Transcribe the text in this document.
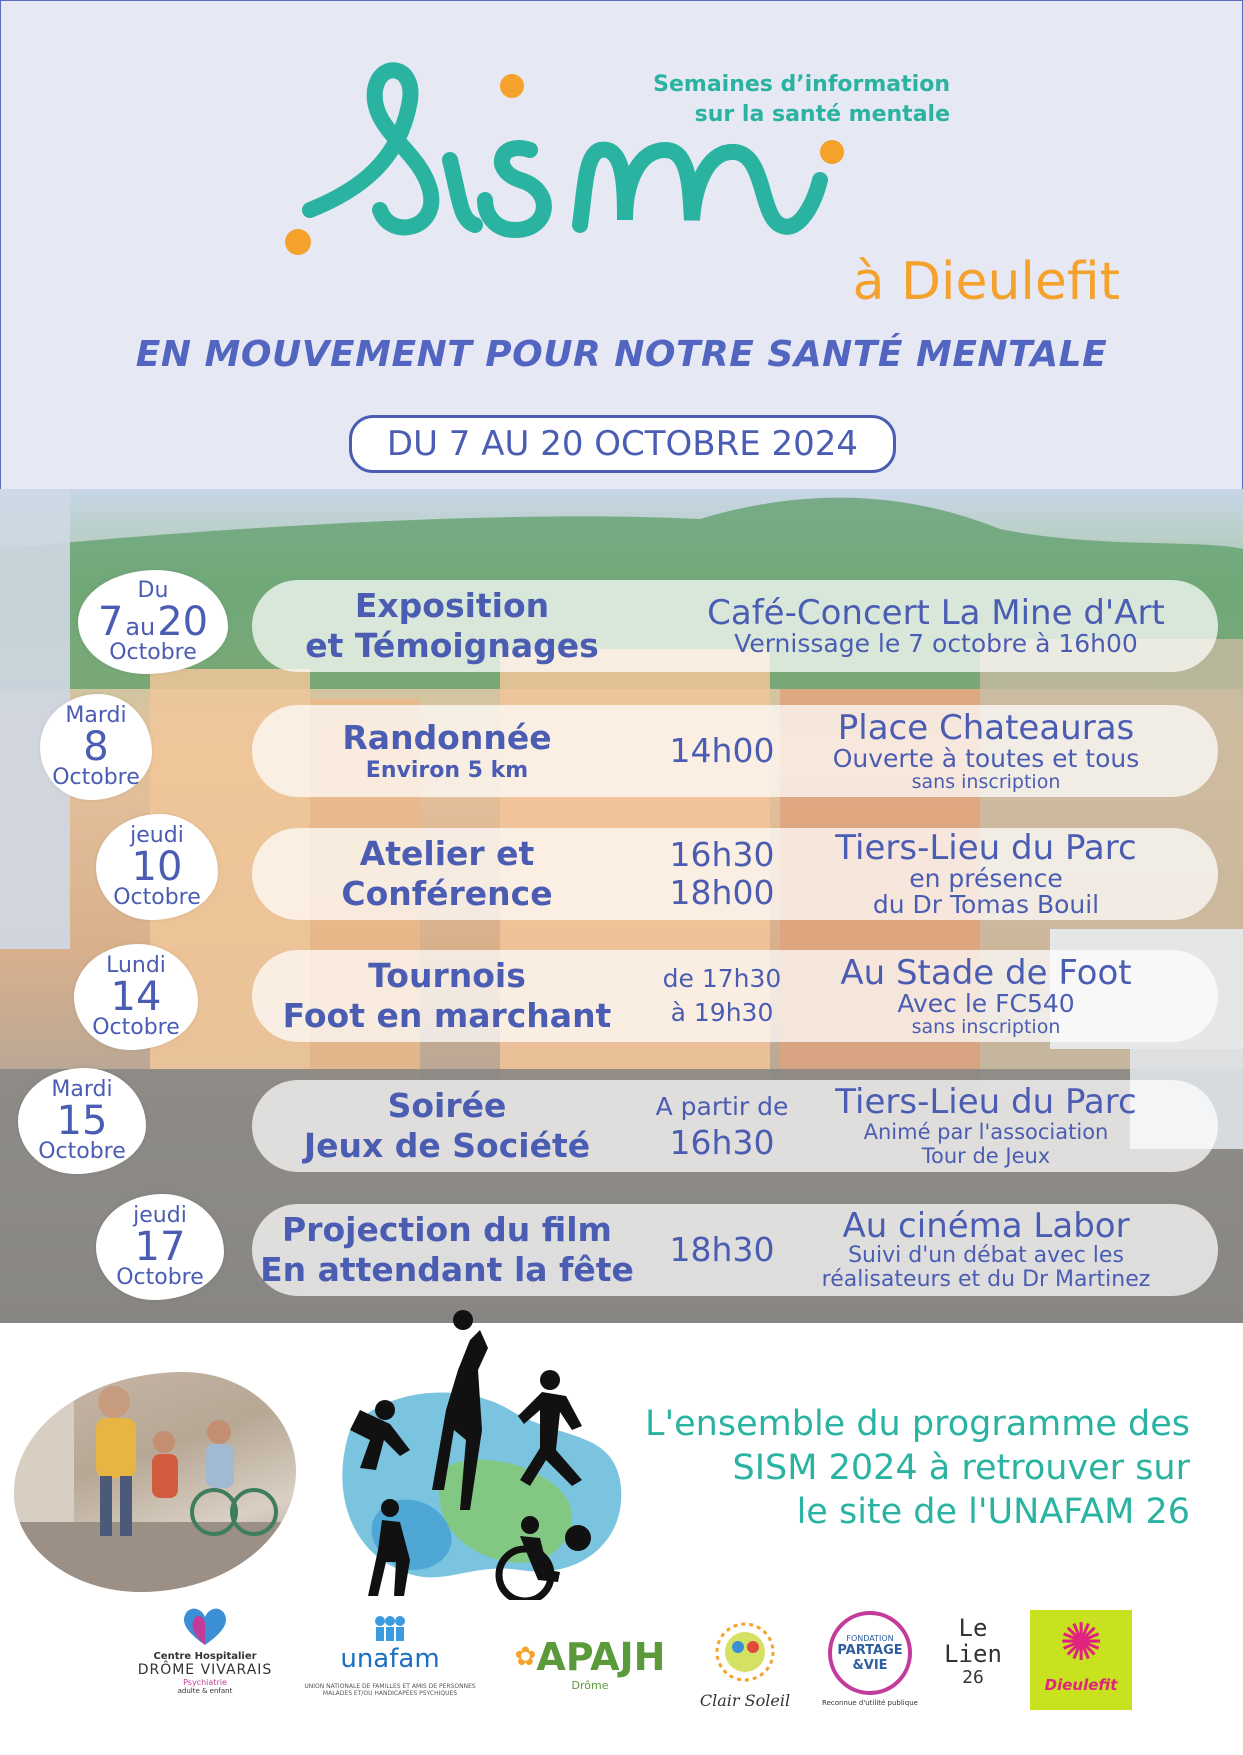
Semaines d’information
sur la santé mentale
à Dieulefit
EN MOUVEMENT POUR NOTRE SANTÉ MENTALE
DU 7 AU 20 OCTOBRE 2024
Du
7 au 20
Octobre
Exposition
et Témoignages
Café-Concert La Mine d'Art
Vernissage le 7 octobre à 16h00
Mardi
8
Octobre
Randonnée
Environ 5 km
14h00
Place Chateauras
Ouverte à toutes et tous
sans inscription
jeudi
10
Octobre
Atelier et
Conférence
16h30
18h00
Tiers-Lieu du Parc
en présence
du Dr Tomas Bouil
Lundi
14
Octobre
Tournois
Foot en marchant
de 17h30
à 19h30
Au Stade de Foot
Avec le FC540
sans inscription
Mardi
15
Octobre
Soirée
Jeux de Société
A partir de
16h30
Tiers-Lieu du Parc
Animé par l'association
Tour de Jeux
jeudi
17
Octobre
Projection du film
En attendant la fête
18h30
Au cinéma Labor
Suivi d'un débat avec les
réalisateurs et du Dr Martinez
L'ensemble du programme des
SISM 2024 à retrouver sur
le site de l'UNAFAM 26
Centre Hospitalier
DRÔME VIVARAIS
Psychiatrie
adulte & enfant
unafam
UNION NATIONALE DE FAMILLES ET AMIS DE PERSONNES
MALADES ET/OU HANDICAPÉES PSYCHIQUES
✿ APAJH
Drôme
Clair Soleil
FONDATION
PARTAGE
&VIE
Reconnue d'utilité publique
Le
Lien
26
✺
Dieulefit
